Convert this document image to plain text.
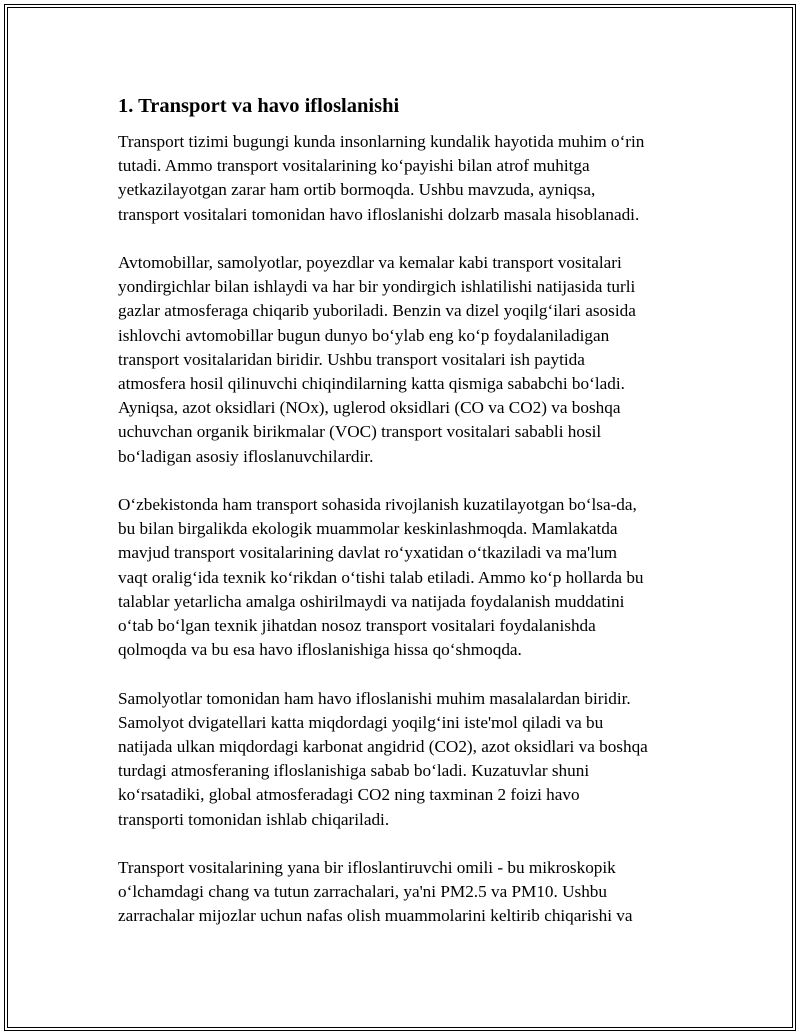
1. Transport va havo ifloslanishi

Transport tizimi bugungi kunda insonlarning kundalik hayotida muhim o‘rin
tutadi. Ammo transport vositalarining ko‘payishi bilan atrof muhitga
yetkazilayotgan zarar ham ortib bormoqda. Ushbu mavzuda, ayniqsa,
transport vositalari tomonidan havo ifloslanishi dolzarb masala hisoblanadi.

Avtomobillar, samolyotlar, poyezdlar va kemalar kabi transport vositalari
yondirgichlar bilan ishlaydi va har bir yondirgich ishlatilishi natijasida turli
gazlar atmosferaga chiqarib yuboriladi. Benzin va dizel yoqilg‘ilari asosida
ishlovchi avtomobillar bugun dunyo bo‘ylab eng ko‘p foydalaniladigan
transport vositalaridan biridir. Ushbu transport vositalari ish paytida
atmosfera hosil qilinuvchi chiqindilarning katta qismiga sababchi bo‘ladi.
Ayniqsa, azot oksidlari (NOx), uglerod oksidlari (CO va CO2) va boshqa
uchuvchan organik birikmalar (VOC) transport vositalari sababli hosil
bo‘ladigan asosiy ifloslanuvchilardir.

O‘zbekistonda ham transport sohasida rivojlanish kuzatilayotgan bo‘lsa-da,
bu bilan birgalikda ekologik muammolar keskinlashmoqda. Mamlakatda
mavjud transport vositalarining davlat ro‘yxatidan o‘tkaziladi va ma'lum
vaqt oralig‘ida texnik ko‘rikdan o‘tishi talab etiladi. Ammo ko‘p hollarda bu
talablar yetarlicha amalga oshirilmaydi va natijada foydalanish muddatini
o‘tab bo‘lgan texnik jihatdan nosoz transport vositalari foydalanishda
qolmoqda va bu esa havo ifloslanishiga hissa qo‘shmoqda.

Samolyotlar tomonidan ham havo ifloslanishi muhim masalalardan biridir.
Samolyot dvigatellari katta miqdordagi yoqilg‘ini iste'mol qiladi va bu
natijada ulkan miqdordagi karbonat angidrid (CO2), azot oksidlari va boshqa
turdagi atmosferaning ifloslanishiga sabab bo‘ladi. Kuzatuvlar shuni
ko‘rsatadiki, global atmosferadagi CO2 ning taxminan 2 foizi havo
transporti tomonidan ishlab chiqariladi.

Transport vositalarining yana bir ifloslantiruvchi omili - bu mikroskopik
o‘lchamdagi chang va tutun zarrachalari, ya'ni PM2.5 va PM10. Ushbu
zarrachalar mijozlar uchun nafas olish muammolarini keltirib chiqarishi va
